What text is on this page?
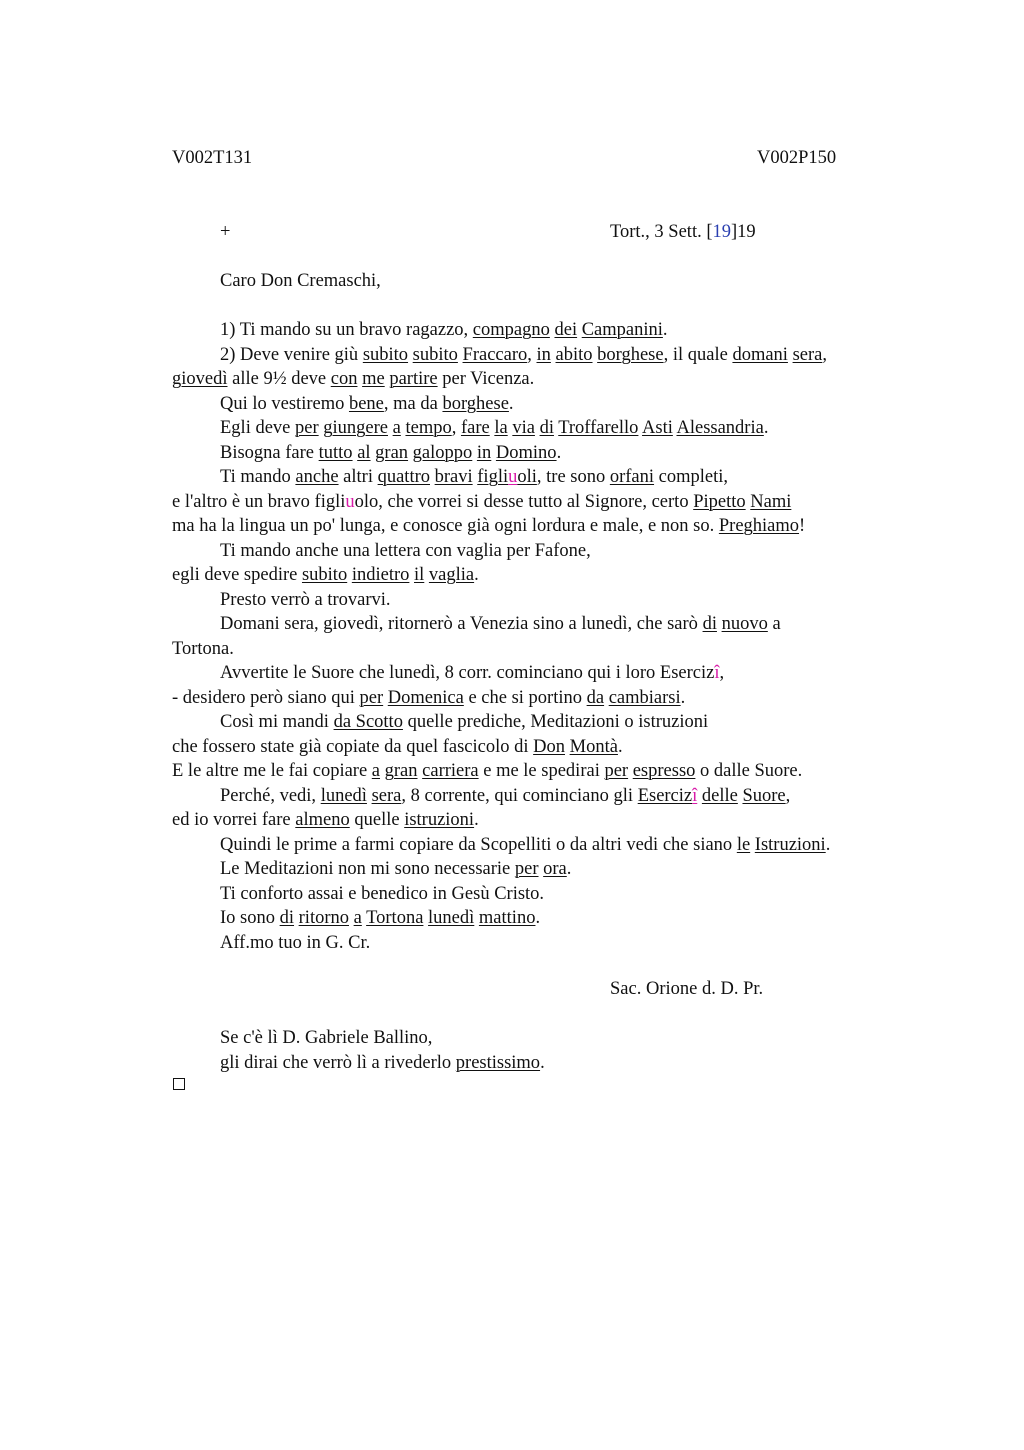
V002T131	V002P150
+	Tort., 3 Sett. [19]19
Caro Don Cremaschi,
1) Ti mando su un bravo ragazzo, compagno dei Campanini.
2) Deve venire giù subito subito Fraccaro, in abito borghese, il quale domani sera,
giovedì alle 9½ deve con me partire per Vicenza.
Qui lo vestiremo bene, ma da borghese.
Egli deve per giungere a tempo, fare la via di Troffarello Asti Alessandria.
Bisogna fare tutto al gran galoppo in Domino.
Ti mando anche altri quattro bravi figliuoli, tre sono orfani completi,
e l'altro è un bravo figliuolo, che vorrei si desse tutto al Signore, certo Pipetto Nami
ma ha la lingua un po' lunga, e conosce già ogni lordura e male, e non so. Preghiamo!
Ti mando anche una lettera con vaglia per Fafone,
egli deve spedire subito indietro il vaglia.
Presto verrò a trovarvi.
Domani sera, giovedì, ritornerò a Venezia sino a lunedì, che sarò di nuovo a
Tortona.
Avvertite le Suore che lunedì, 8 corr. cominciano qui i loro Esercizî,
- desidero però siano qui per Domenica e che si portino da cambiarsi.
Così mi mandi da Scotto quelle prediche, Meditazioni o istruzioni
che fossero state già copiate da quel fascicolo di Don Montà.
E le altre me le fai copiare a gran carriera e me le spedirai per espresso o dalle Suore.
Perché, vedi, lunedì sera, 8 corrente, qui cominciano gli Esercizî delle Suore,
ed io vorrei fare almeno quelle istruzioni.
Quindi le prime a farmi copiare da Scopelliti o da altri vedi che siano le Istruzioni.
Le Meditazioni non mi sono necessarie per ora.
Ti conforto assai e benedico in Gesù Cristo.
Io sono di ritorno a Tortona lunedì mattino.
Aff.mo tuo in G. Cr.
Sac. Orione d. D. Pr.
Se c'è lì D. Gabriele Ballino,
gli dirai che verrò lì a rivederlo prestissimo.
